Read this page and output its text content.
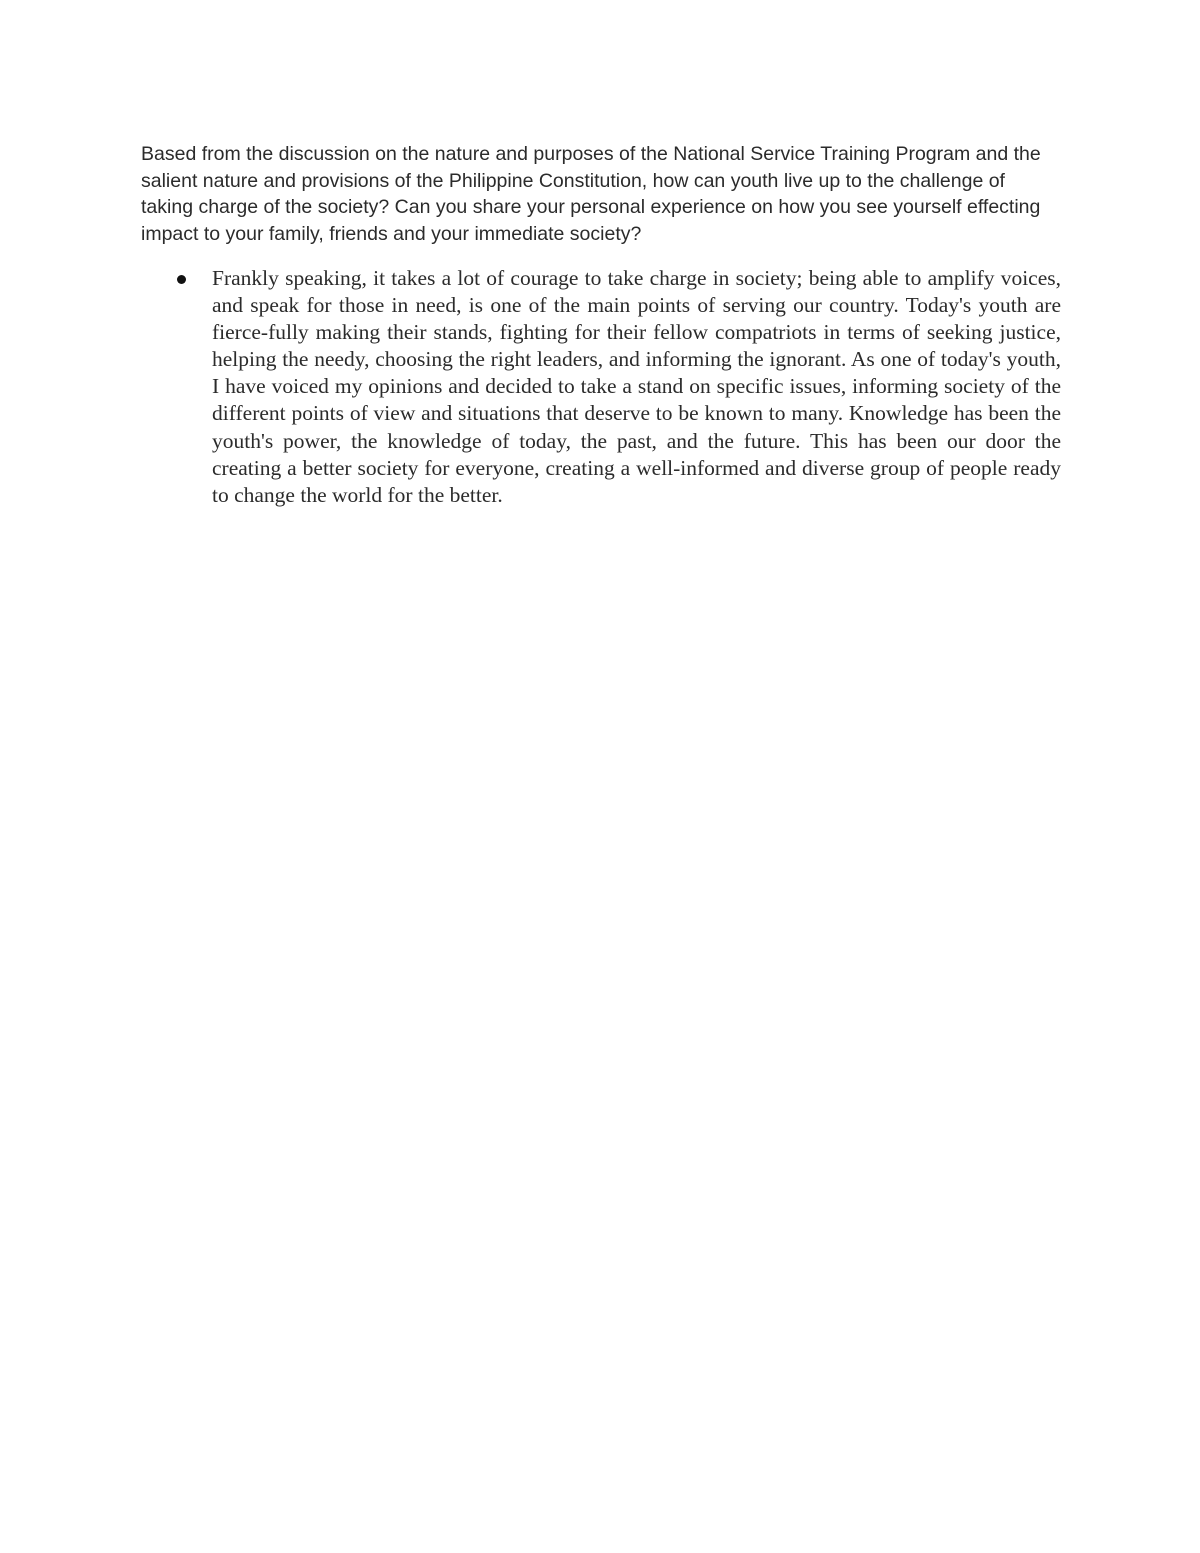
Based from the discussion on the nature and purposes of the National Service Training Program and the salient nature and provisions of the Philippine Constitution, how can youth live up to the challenge of taking charge of the society? Can you share your personal experience on how you see yourself effecting impact to your family, friends and your immediate society?

Frankly speaking, it takes a lot of courage to take charge in society; being able to amplify voices, and speak for those in need, is one of the main points of serving our country. Today's youth are fierce-fully making their stands, fighting for their fellow compatriots in terms of seeking justice, helping the needy, choosing the right leaders, and informing the ignorant. As one of today's youth, I have voiced my opinions and decided to take a stand on specific issues, informing society of the different points of view and situations that deserve to be known to many. Knowledge has been the youth's power, the knowledge of today, the past, and the future. This has been our door the creating a better society for everyone, creating a well-informed and diverse group of people ready to change the world for the better.
